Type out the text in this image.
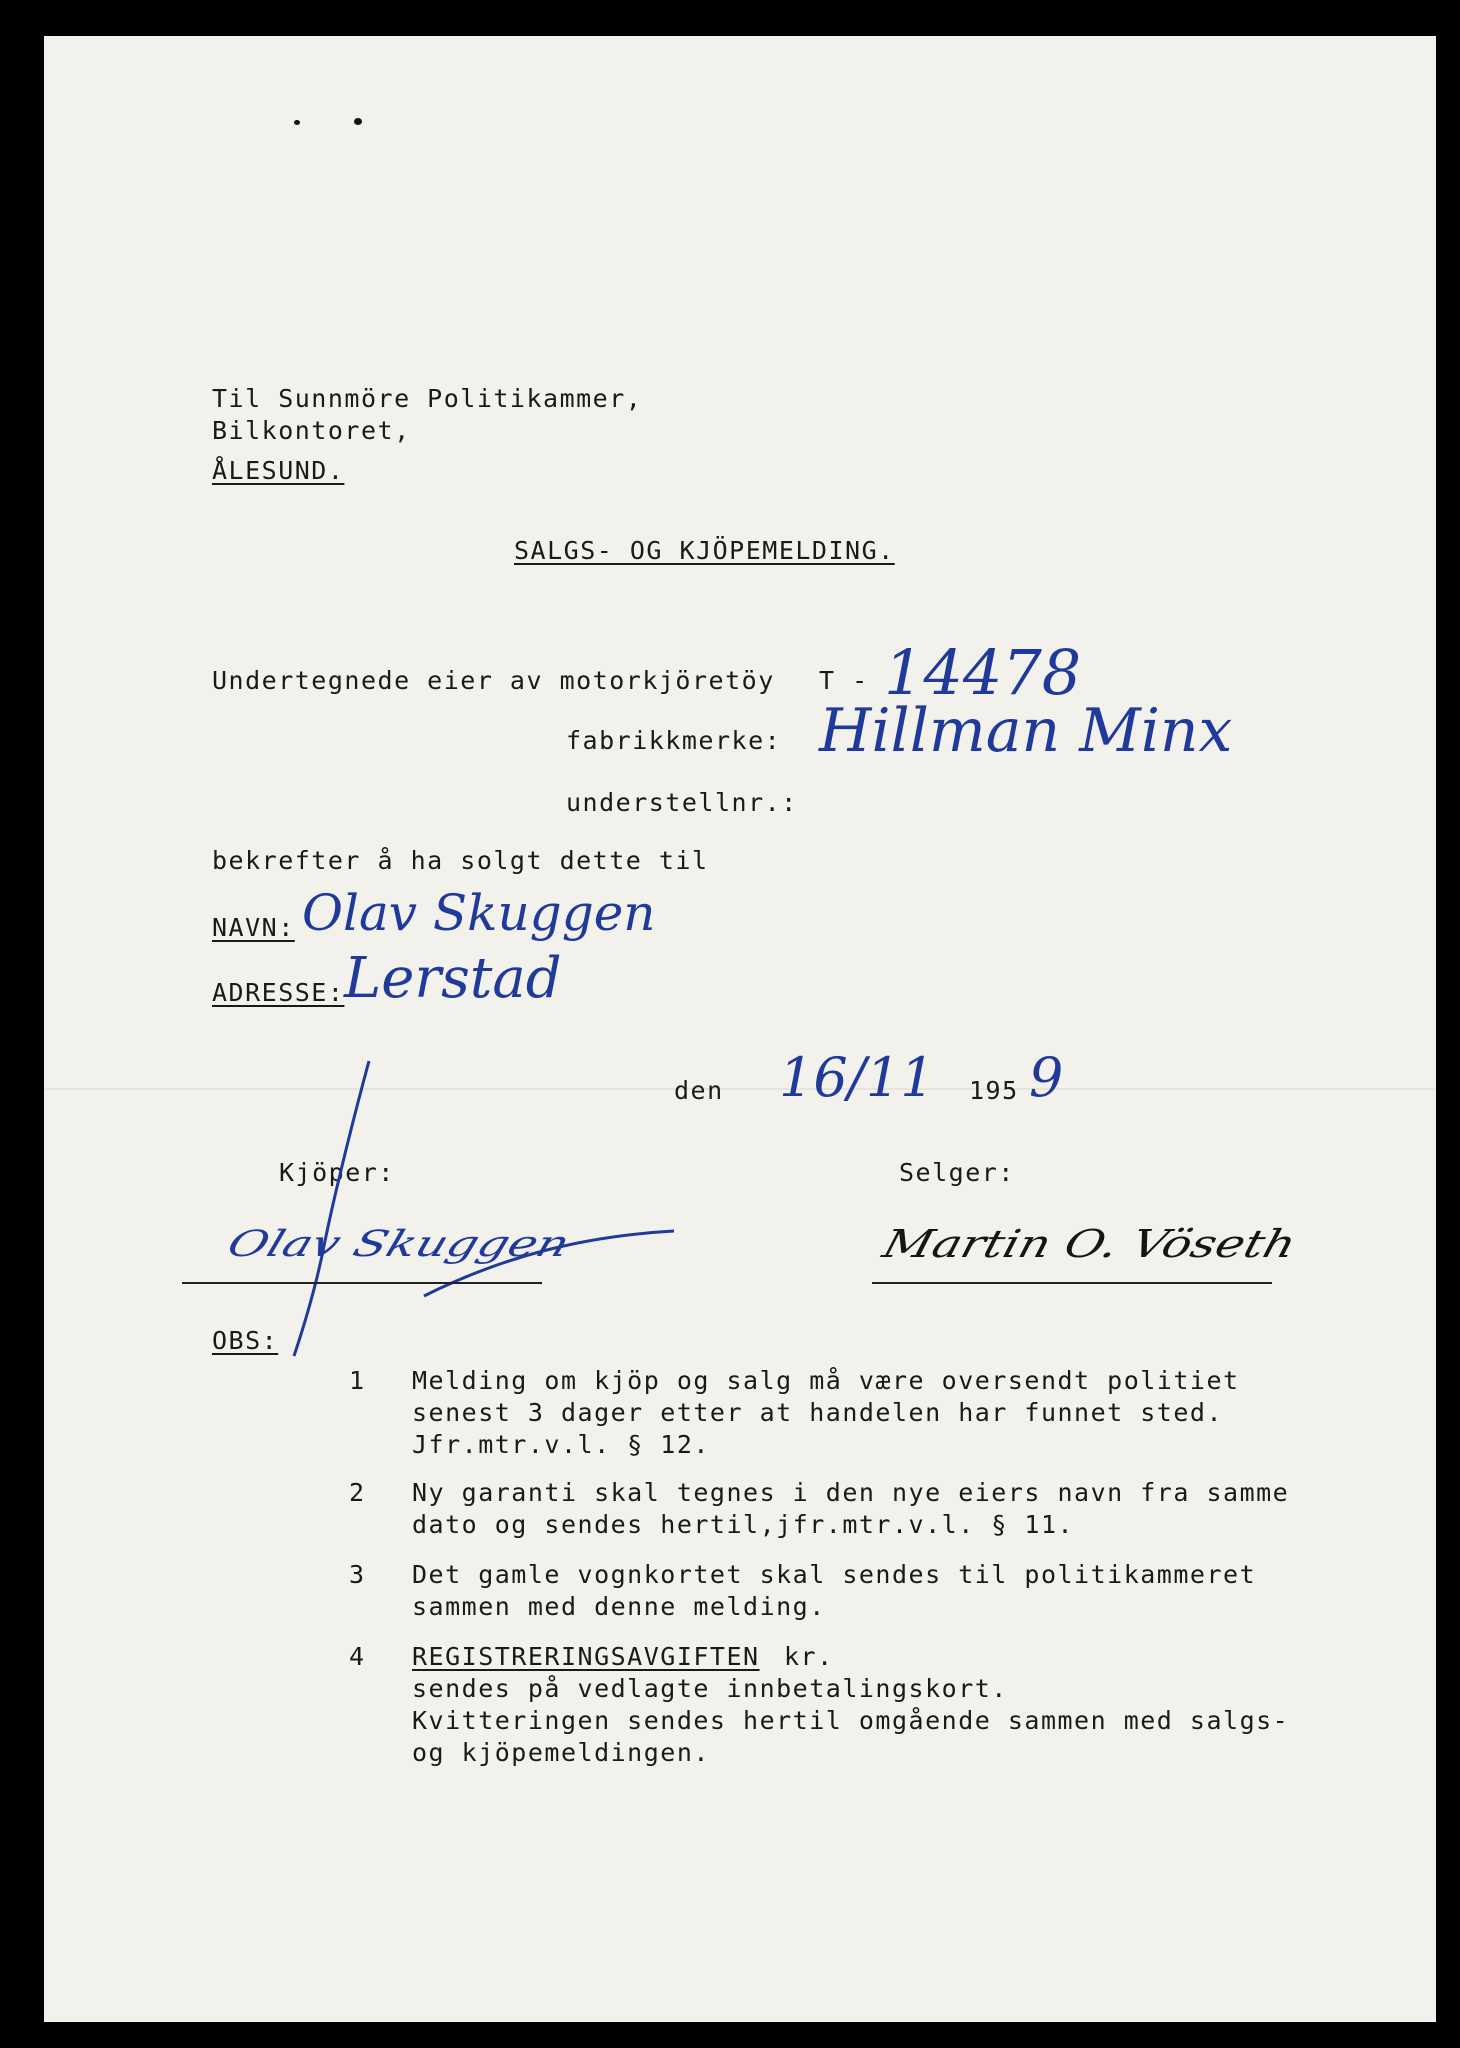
Til Sunnmöre Politikammer,
Bilkontoret,
ÅLESUND.
SALGS- OG KJÖPEMELDING.
Undertegnede eier av motorkjöretöy T - 14478
fabrikkmerke: Hillman Minx
understellnr.:
bekrefter å ha solgt dette til
NAVN: Olav Skuggen
ADRESSE: Lerstad
den 16/11 195 9
Kjöper:	Selger:
Olav Skuggen	Martin O. Vöseth
OBS:
1 Melding om kjöp og salg må være oversendt politiet
senest 3 dager etter at handelen har funnet sted.
Jfr.mtr.v.l. § 12.
2 Ny garanti skal tegnes i den nye eiers navn fra samme
dato og sendes hertil,jfr.mtr.v.l. § 11.
3 Det gamle vognkortet skal sendes til politikammeret
sammen med denne melding.
4 REGISTRERINGSAVGIFTEN kr.
sendes på vedlagte innbetalingskort.
Kvitteringen sendes hertil omgående sammen med salgs-
og kjöpemeldingen.
